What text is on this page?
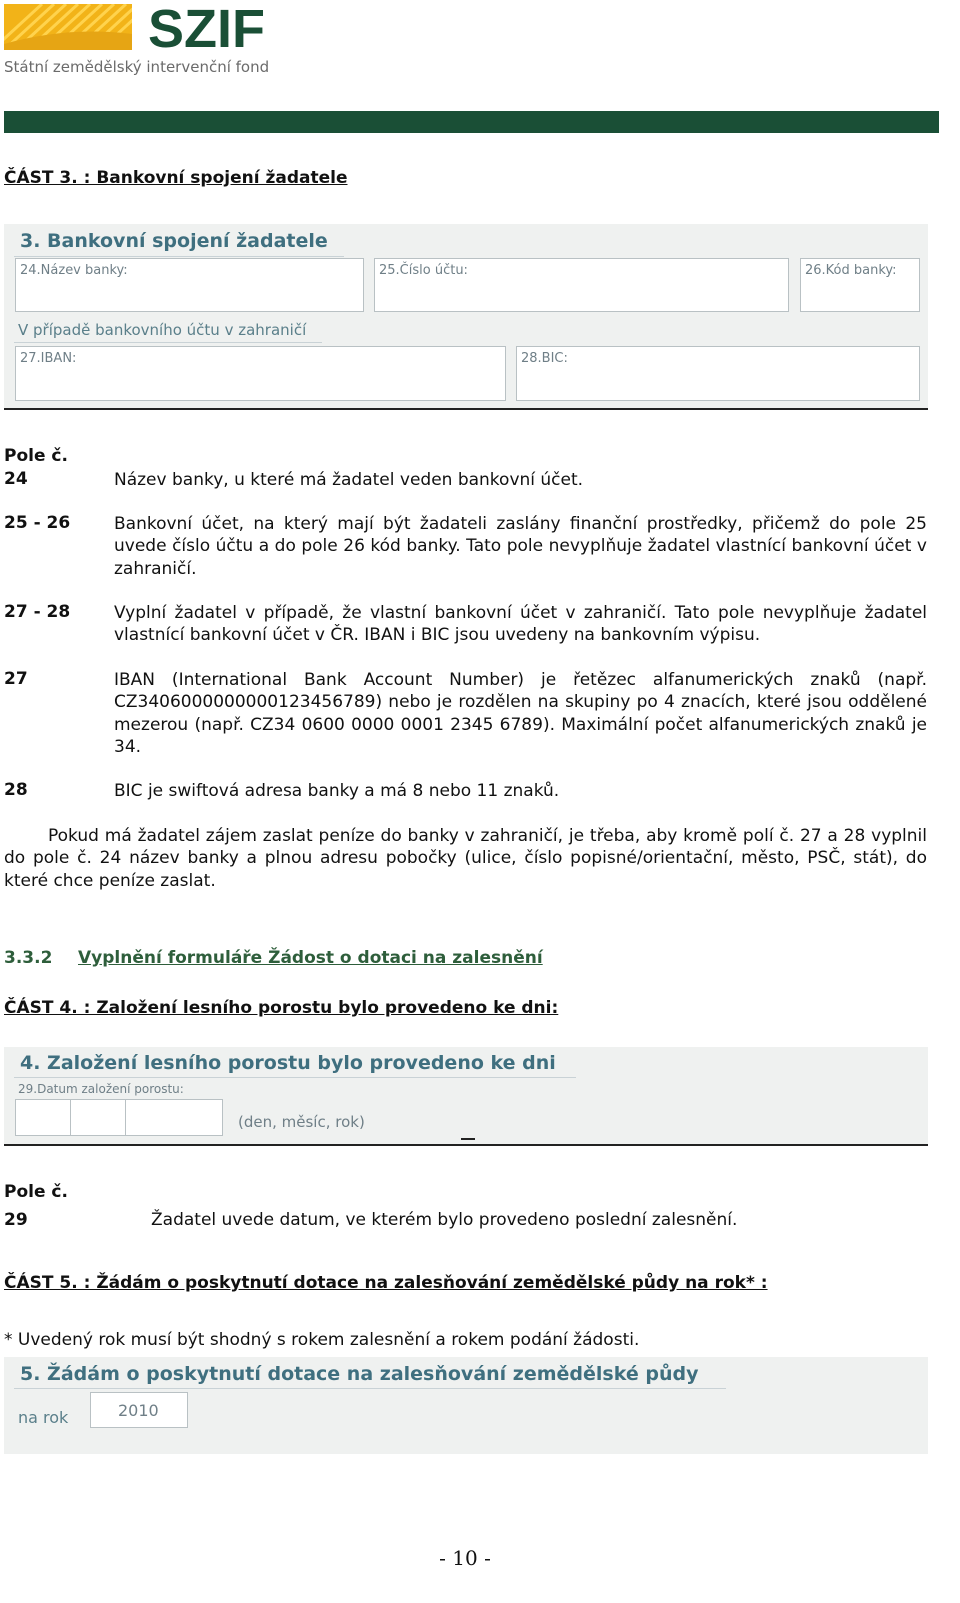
SZIF
Státní zemědělský intervenční fond
ČÁST 3. : Bankovní spojení žadatele
3. Bankovní spojení žadatele
24.Název banky:	25.Číslo účtu:	26.Kód banky:
V případě bankovního účtu v zahraničí
27.IBAN:	28.BIC:
Pole č.
24	Název banky, u které má žadatel veden bankovní účet.
25 - 26	Bankovní účet, na který mají být žadateli zaslány finanční prostředky, přičemž do pole 25 uvede číslo účtu a do pole 26 kód banky. Tato pole nevyplňuje žadatel vlastnící bankovní účet v zahraničí.
27 - 28	Vyplní žadatel v případě, že vlastní bankovní účet v zahraničí. Tato pole nevyplňuje žadatel vlastnící bankovní účet v ČR. IBAN i BIC jsou uvedeny na bankovním výpisu.
27	IBAN (International Bank Account Number) je řetězec alfanumerických znaků (např. CZ3406000000000123456789) nebo je rozdělen na skupiny po 4 znacích, které jsou oddělené mezerou (např. CZ34 0600 0000 0001 2345 6789). Maximální počet alfanumerických znaků je 34.
28	BIC je swiftová adresa banky a má 8 nebo 11 znaků.
Pokud má žadatel zájem zaslat peníze do banky v zahraničí, je třeba, aby kromě polí č. 27 a 28 vyplnil do pole č. 24 název banky a plnou adresu pobočky (ulice, číslo popisné/orientační, město, PSČ, stát), do které chce peníze zaslat.
3.3.2 Vyplnění formuláře Žádost o dotaci na zalesnění
ČÁST 4. : Založení lesního porostu bylo provedeno ke dni:
4. Založení lesního porostu bylo provedeno ke dni
29.Datum založení porostu:
(den, měsíc, rok)
Pole č.
29	Žadatel uvede datum, ve kterém bylo provedeno poslední zalesnění.
ČÁST 5. : Žádám o poskytnutí dotace na zalesňování zemědělské půdy na rok* :
* Uvedený rok musí být shodný s rokem zalesnění a rokem podání žádosti.
5. Žádám o poskytnutí dotace na zalesňování zemědělské půdy
na rok	2010
- 10 -
